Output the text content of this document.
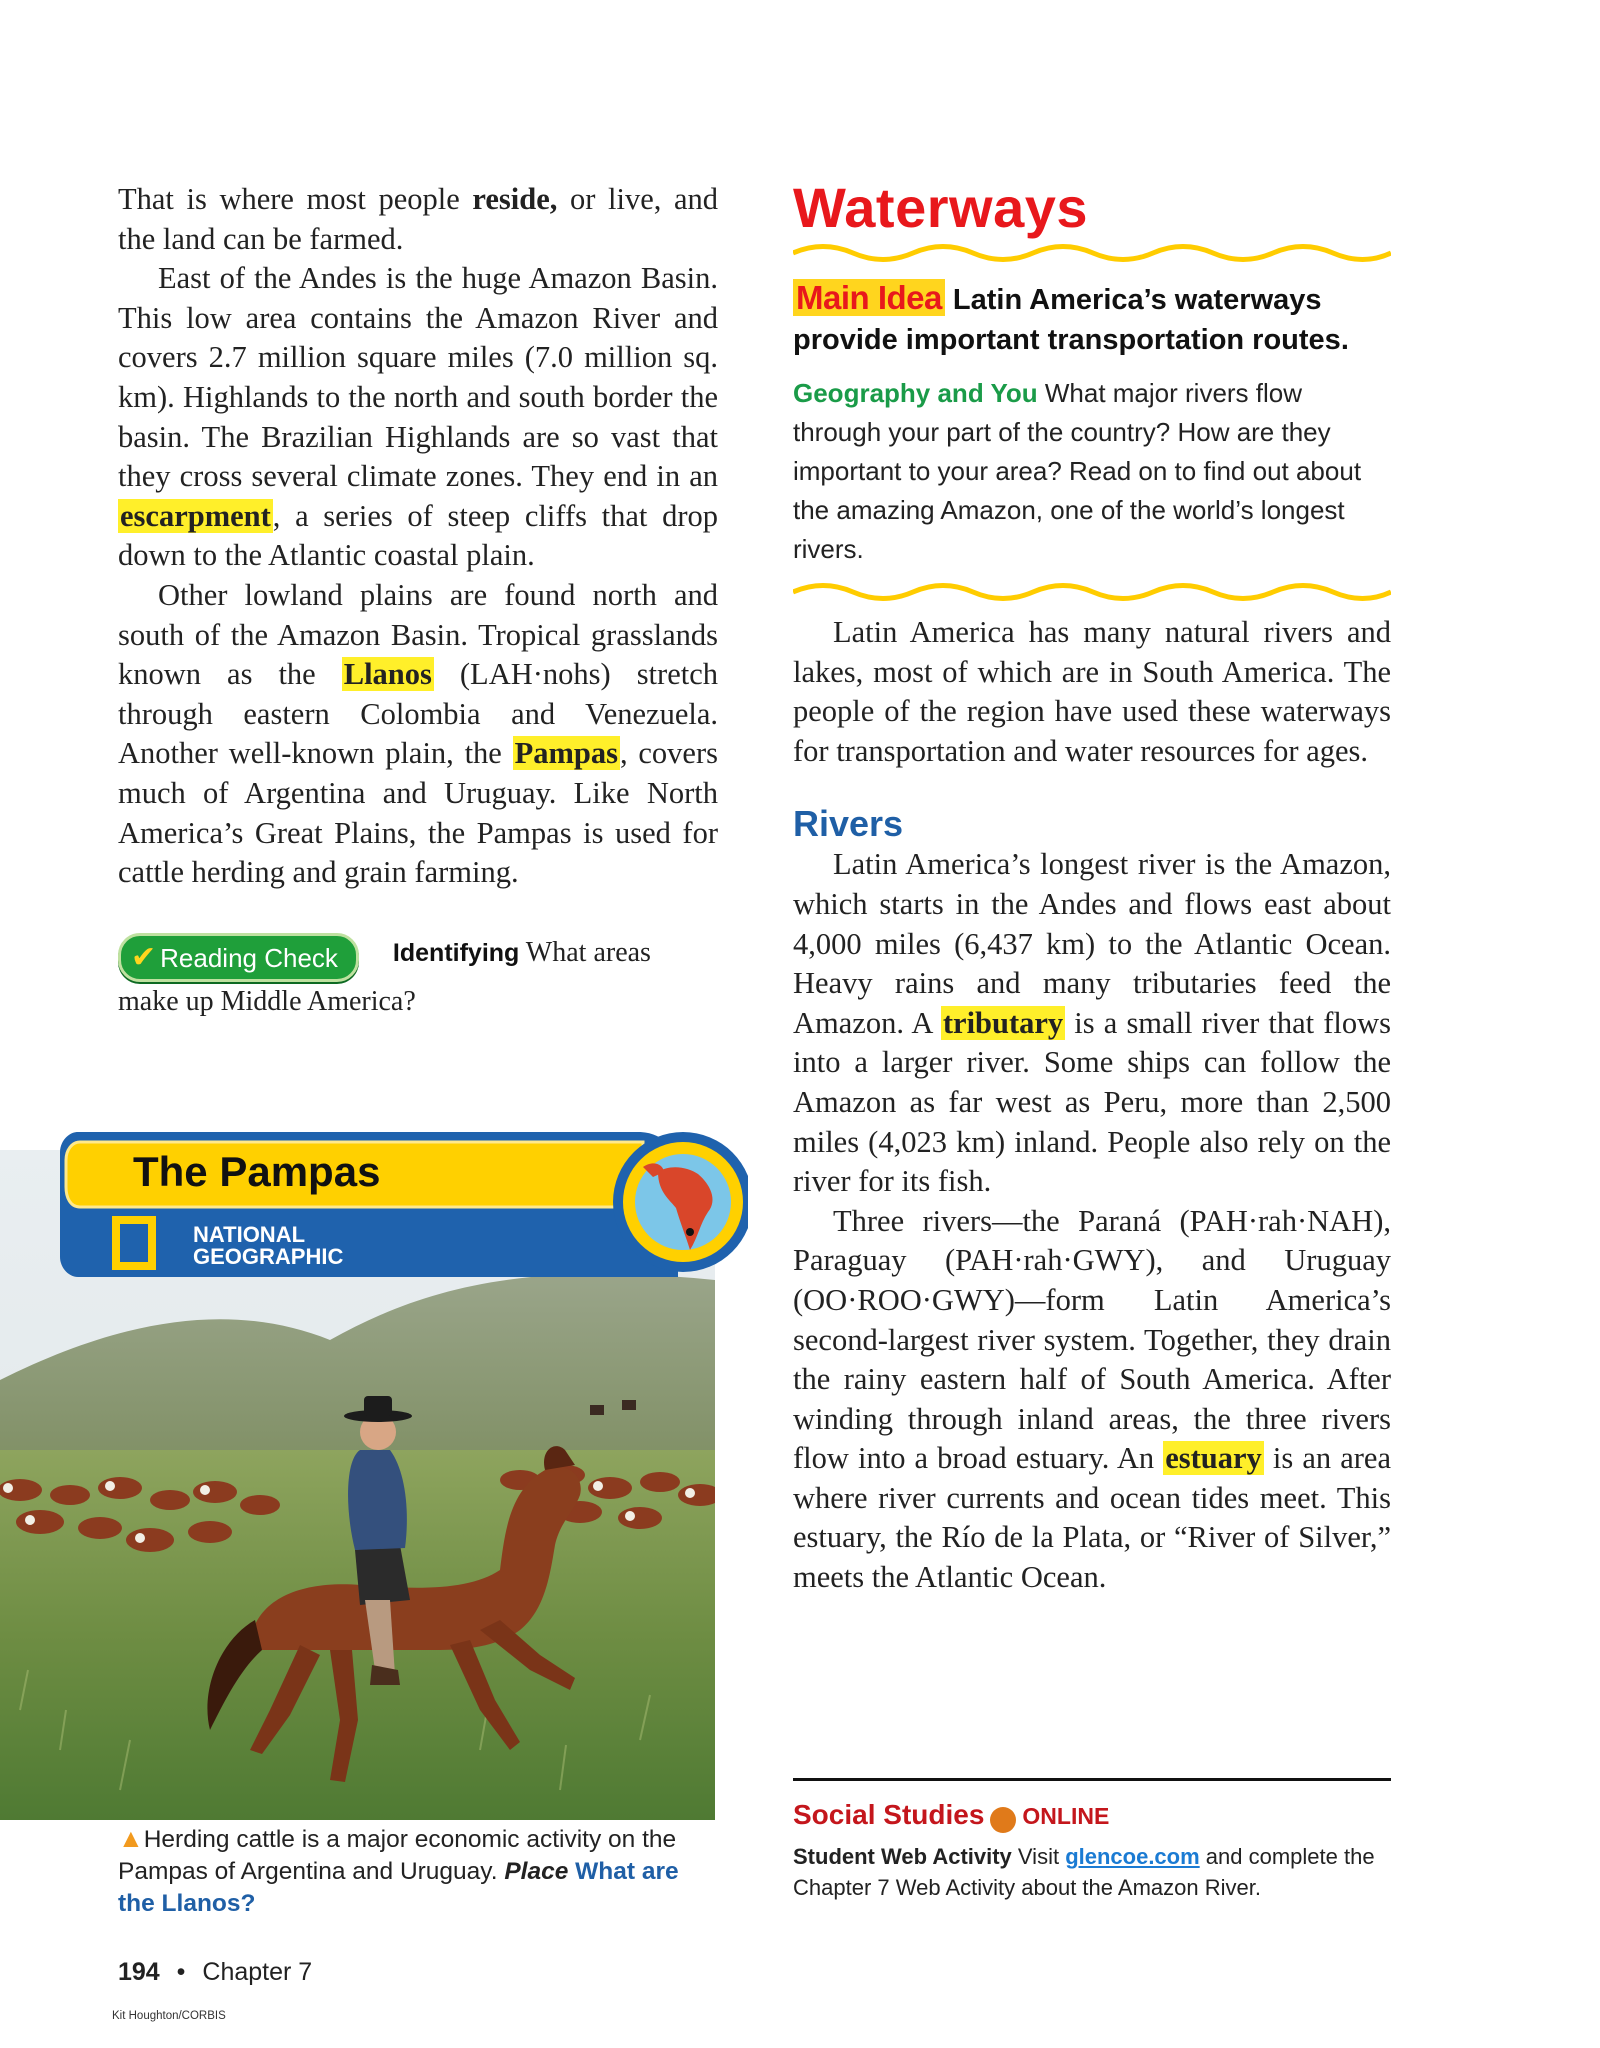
That is where most people reside, or live, and the land can be farmed.

East of the Andes is the huge Amazon Basin. This low area contains the Amazon River and covers 2.7 million square miles (7.0 million sq. km). Highlands to the north and south border the basin. The Brazilian Highlands are so vast that they cross several climate zones. They end in an escarpment, a series of steep cliffs that drop down to the Atlantic coastal plain.

Other lowland plains are found north and south of the Amazon Basin. Tropical grasslands known as the Llanos (LAH·nohs) stretch through eastern Colombia and Venezuela. Another well-known plain, the Pampas, covers much of Argentina and Uruguay. Like North America’s Great Plains, the Pampas is used for cattle herding and grain farming.

✔ Reading Check Identifying What areas make up Middle America?
The Pampas
NATIONAL
GEOGRAPHIC
▲Herding cattle is a major economic activity on the Pampas of Argentina and Uruguay. Place What are the Llanos?
194 • Chapter 7
Kit Houghton/CORBIS
Waterways

Main Idea Latin America’s waterways provide important transportation routes.

Geography and You What major rivers flow through your part of the country? How are they important to your area? Read on to find out about the amazing Amazon, one of the world’s longest rivers.

Latin America has many natural rivers and lakes, most of which are in South America. The people of the region have used these waterways for transportation and water resources for ages.

Rivers

Latin America’s longest river is the Amazon, which starts in the Andes and flows east about 4,000 miles (6,437 km) to the Atlantic Ocean. Heavy rains and many tributaries feed the Amazon. A tributary is a small river that flows into a larger river. Some ships can follow the Amazon as far west as Peru, more than 2,500 miles (4,023 km) inland. People also rely on the river for its fish.

Three rivers—the Paraná (PAH·rah·NAH), Paraguay (PAH·rah·GWY), and Uruguay (OO·ROO·GWY)—form Latin America’s second-largest river system. Together, they drain the rainy eastern half of South America. After winding through inland areas, the three rivers flow into a broad estuary. An estuary is an area where river currents and ocean tides meet. This estuary, the Río de la Plata, or “River of Silver,” meets the Atlantic Ocean.

Social Studies ONLINE

Student Web Activity Visit glencoe.com and complete the Chapter 7 Web Activity about the Amazon River.
